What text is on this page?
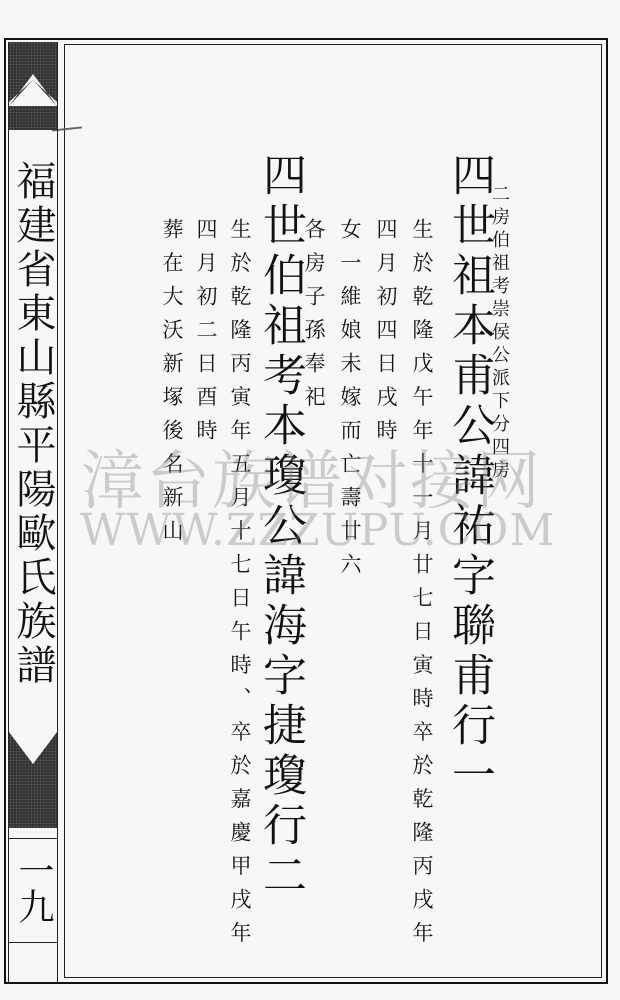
福建省東山縣平陽歐氏族譜
一九
二房伯祖考崇侯公派下分四房
四世祖本甫公諱祐字聯甫行一
生於乾隆戊午年十一月廿七日寅時卒於乾隆丙戌年
四月初四日戌時
女一維娘未嫁而亡壽廿六
各房子孫奉祀
四世伯祖考本瓊公諱海字捷瓊行二
生於乾隆丙寅年五月十七日午時、卒於嘉慶甲戌年
四月初二日酉時
葬在大沃新塚後名新山
漳台族谱对接网
WWW.ZZZUPU.COM
